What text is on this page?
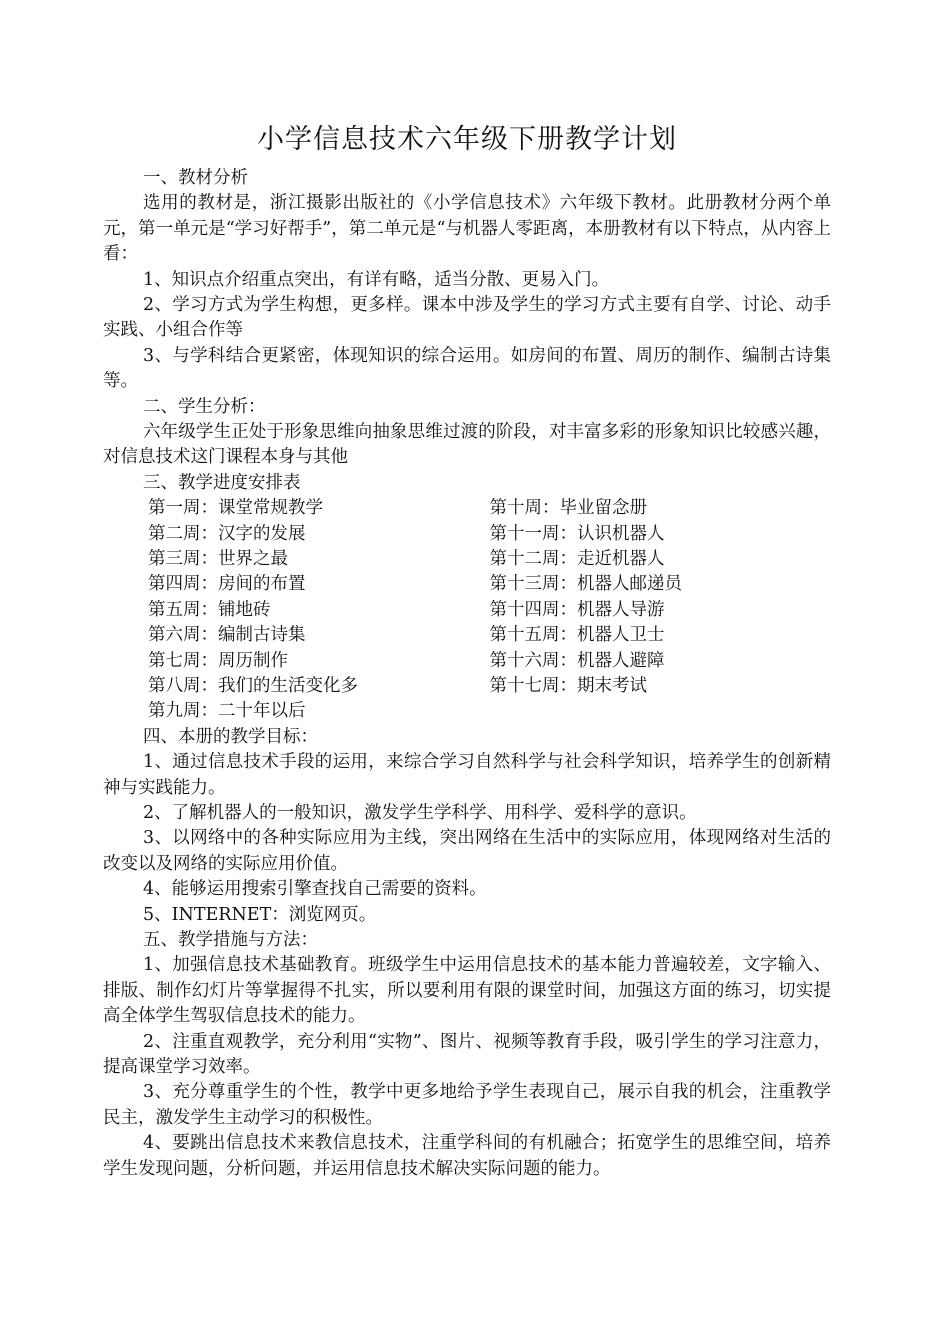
小学信息技术六年级下册教学计划

一、教材分析

选用的教材是，浙江摄影出版社的《小学信息技术》六年级下教材。此册教材分两个单元，第一单元是“学习好帮手”，第二单元是“与机器人零距离，本册教材有以下特点，从内容上看：

1、知识点介绍重点突出，有详有略，适当分散、更易入门。

2、学习方式为学生构想，更多样。课本中涉及学生的学习方式主要有自学、讨论、动手实践、小组合作等

3、与学科结合更紧密，体现知识的综合运用。如房间的布置、周历的制作、编制古诗集等。

二、学生分析：

六年级学生正处于形象思维向抽象思维过渡的阶段，对丰富多彩的形象知识比较感兴趣，对信息技术这门课程本身与其他

三、教学进度安排表

第一周：课堂常规教学
第二周：汉字的发展
第三周：世界之最
第四周：房间的布置
第五周：铺地砖
第六周：编制古诗集
第七周：周历制作
第八周：我们的生活变化多
第九周：二十年以后
第十周：毕业留念册
第十一周：认识机器人
第十二周：走近机器人
第十三周：机器人邮递员
第十四周：机器人导游
第十五周：机器人卫士
第十六周：机器人避障
第十七周：期末考试

四、本册的教学目标：

1、通过信息技术手段的运用，来综合学习自然科学与社会科学知识，培养学生的创新精神与实践能力。

2、了解机器人的一般知识，激发学生学科学、用科学、爱科学的意识。

3、以网络中的各种实际应用为主线，突出网络在生活中的实际应用，体现网络对生活的改变以及网络的实际应用价值。

4、能够运用搜索引擎查找自己需要的资料。

5、INTERNET：浏览网页。

五、教学措施与方法：

1、加强信息技术基础教育。班级学生中运用信息技术的基本能力普遍较差，文字输入、排版、制作幻灯片等掌握得不扎实，所以要利用有限的课堂时间，加强这方面的练习，切实提高全体学生驾驭信息技术的能力。

2、注重直观教学，充分利用“实物”、图片、视频等教育手段，吸引学生的学习注意力，提高课堂学习效率。

3、充分尊重学生的个性，教学中更多地给予学生表现自己，展示自我的机会，注重教学民主，激发学生主动学习的积极性。

4、要跳出信息技术来教信息技术，注重学科间的有机融合；拓宽学生的思维空间，培养学生发现问题，分析问题，并运用信息技术解决实际问题的能力。
